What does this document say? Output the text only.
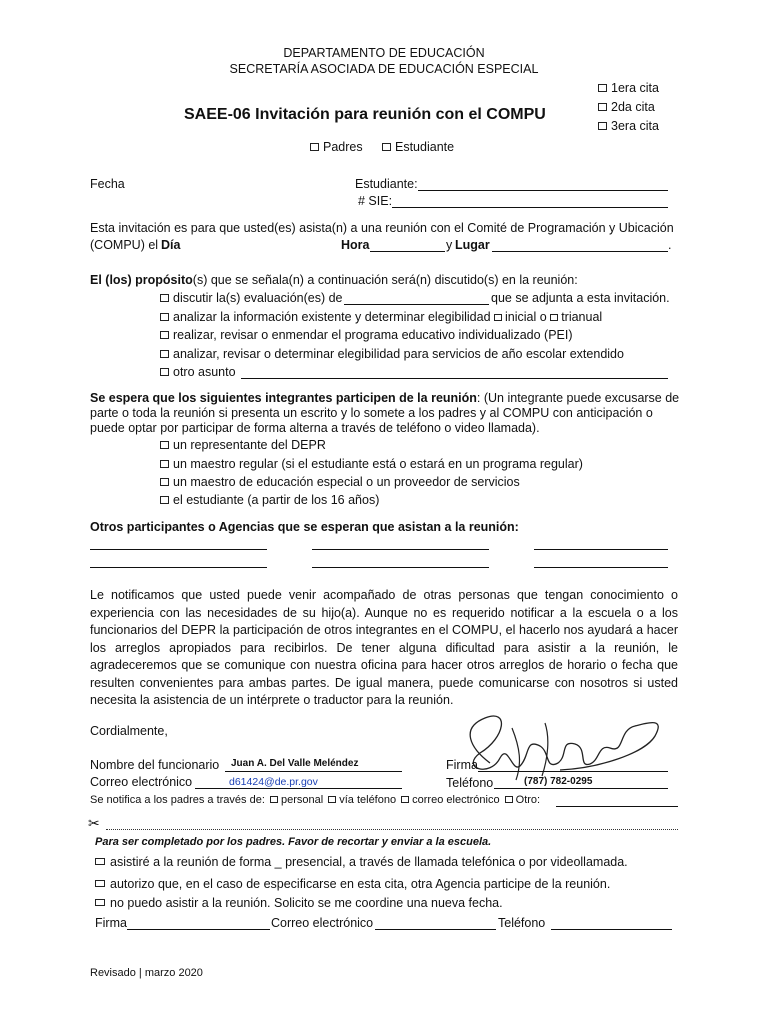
DEPARTAMENTO DE EDUCACIÓN
SECRETARÍA ASOCIADA DE EDUCACIÓN ESPECIAL
1era cita
2da cita
3era cita
SAEE-06 Invitación para reunión con el COMPU
Padres	Estudiante
Fecha	Estudiante:
# SIE:
Esta invitación es para que usted(es) asista(n) a una reunión con el Comité de Programación y Ubicación
(COMPU) el Día	Hora	y Lugar	.
El (los) propósito(s) que se señala(n) a continuación será(n) discutido(s) en la reunión:
discutir la(s) evaluación(es) de	que se adjunta a esta invitación.
analizar la información existente y determinar elegibilidad inicial o trianual
realizar, revisar o enmendar el programa educativo individualizado (PEI)
analizar, revisar o determinar elegibilidad para servicios de año escolar extendido
otro asunto
Se espera que los siguientes integrantes participen de la reunión: (Un integrante puede excusarse de
parte o toda la reunión si presenta un escrito y lo somete a los padres y al COMPU con anticipación o
puede optar por participar de forma alterna a través de teléfono o video llamada).
un representante del DEPR
un maestro regular (si el estudiante está o estará en un programa regular)
un maestro de educación especial o un proveedor de servicios
el estudiante (a partir de los 16 años)
Otros participantes o Agencias que se esperan que asistan a la reunión:
Le notificamos que usted puede venir acompañado de otras personas que tengan conocimiento o
experiencia con las necesidades de su hijo(a). Aunque no es requerido notificar a la escuela o a los
funcionarios del DEPR la participación de otros integrantes en el COMPU, el hacerlo nos ayudará a hacer
los arreglos apropiados para recibirlos. De tener alguna dificultad para asistir a la reunión, le
agradeceremos que se comunique con nuestra oficina para hacer otros arreglos de horario o fecha que
resulten convenientes para ambas partes. De igual manera, puede comunicarse con nosotros si usted
necesita la asistencia de un intérprete o traductor para la reunión.
Cordialmente,
Nombre del funcionario Juan A. Del Valle Meléndez	Firma
Correo electrónico	d61424@de.pr.gov	Teléfono	(787) 782-0295
Se notifica a los padres a través de: personal vía teléfono correo electrónico Otro:
✂
Para ser completado por los padres. Favor de recortar y enviar a la escuela.
asistiré a la reunión de forma _ presencial, a través de llamada telefónica o por videollamada.
autorizo que, en el caso de especificarse en esta cita, otra Agencia participe de la reunión.
no puedo asistir a la reunión. Solicito se me coordine una nueva fecha.
Firma	Correo electrónico	Teléfono
Revisado | marzo 2020
